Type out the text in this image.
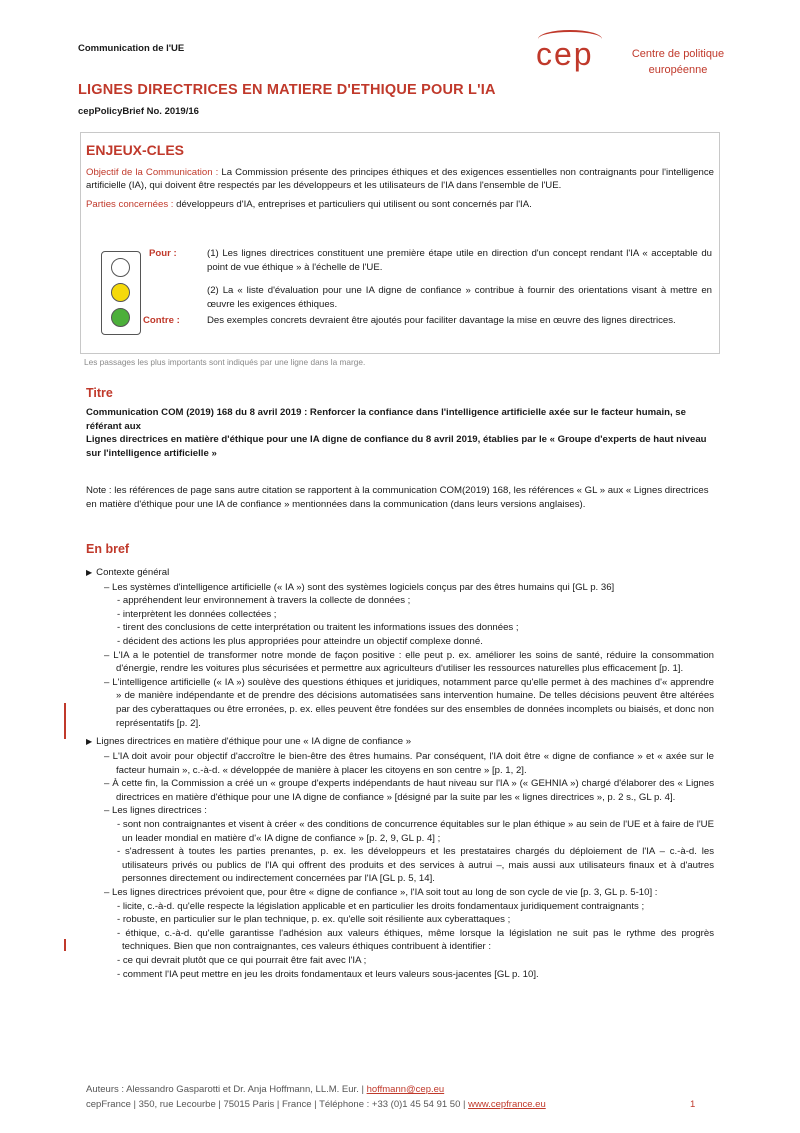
Communication de l'UE	cep	Centre de politique
européenne
LIGNES DIRECTRICES EN MATIERE D'ETHIQUE POUR L'IA
cepPolicyBrief No. 2019/16
ENJEUX-CLES

Objectif de la Communication : La Commission présente des principes éthiques et des exigences essentielles non contraignants pour l'intelligence artificielle (IA), qui doivent être respectés par les développeurs et les utilisateurs de l'IA dans l'ensemble de l'UE.

Parties concernées : développeurs d'IA, entreprises et particuliers qui utilisent ou sont concernés par l'IA.

Pour :	(1) Les lignes directrices constituent une première étape utile en direction d'un concept rendant l'IA « acceptable du point de vue éthique » à l'échelle de l'UE.
(2) La « liste d'évaluation pour une IA digne de confiance » contribue à fournir des orientations visant à mettre en œuvre les exigences éthiques.
Contre :	Des exemples concrets devraient être ajoutés pour faciliter davantage la mise en œuvre des lignes directrices.
Les passages les plus importants sont indiqués par une ligne dans la marge.
Titre

Communication COM (2019) 168 du 8 avril 2019 : Renforcer la confiance dans l'intelligence artificielle axée sur le facteur humain, se référant aux

Lignes directrices en matière d'éthique pour une IA digne de confiance du 8 avril 2019, établies par le « Groupe d'experts de haut niveau sur l'intelligence artificielle »

Note : les références de page sans autre citation se rapportent à la communication COM(2019) 168, les références « GL » aux « Lignes directrices en matière d'éthique pour une IA de confiance » mentionnées dans la communication (dans leurs versions anglaises).
En bref
▶ Contexte général
– Les systèmes d'intelligence artificielle (« IA ») sont des systèmes logiciels conçus par des êtres humains qui [GL p. 36]
- appréhendent leur environnement à travers la collecte de données ;
- interprètent les données collectées ;
- tirent des conclusions de cette interprétation ou traitent les informations issues des données ;
- décident des actions les plus appropriées pour atteindre un objectif complexe donné.
– L'IA a le potentiel de transformer notre monde de façon positive : elle peut p. ex. améliorer les soins de santé, réduire la consommation d'énergie, rendre les voitures plus sécurisées et permettre aux agriculteurs d'utiliser les ressources naturelles plus efficacement [p. 1].
– L'intelligence artificielle (« IA ») soulève des questions éthiques et juridiques, notamment parce qu'elle permet à des machines d'« apprendre » de manière indépendante et de prendre des décisions automatisées sans intervention humaine. De telles décisions peuvent être altérées par des cyberattaques ou être erronées, p. ex. elles peuvent être fondées sur des ensembles de données incomplets ou biaisés, et donc non représentatifs [p. 2].
▶ Lignes directrices en matière d'éthique pour une « IA digne de confiance »
– L'IA doit avoir pour objectif d'accroître le bien-être des êtres humains. Par conséquent, l'IA doit être « digne de confiance » et « axée sur le facteur humain », c.-à-d. « développée de manière à placer les citoyens en son centre » [p. 1, 2].
– À cette fin, la Commission a créé un « groupe d'experts indépendants de haut niveau sur l'IA » (« GEHNIA ») chargé d'élaborer des « Lignes directrices en matière d'éthique pour une IA digne de confiance » [désigné par la suite par les « lignes directrices », p. 2 s., GL p. 4].
– Les lignes directrices :
- sont non contraignantes et visent à créer « des conditions de concurrence équitables sur le plan éthique » au sein de l'UE et à faire de l'UE un leader mondial en matière d'« IA digne de confiance » [p. 2, 9, GL p. 4] ;
- s'adressent à toutes les parties prenantes, p. ex. les développeurs et les prestataires chargés du déploiement de l'IA – c.-à-d. les utilisateurs privés ou publics de l'IA qui offrent des produits et des services à autrui –, mais aussi aux utilisateurs finaux et à d'autres personnes directement ou indirectement concernées par l'IA [GL p. 5, 14].
– Les lignes directrices prévoient que, pour être « digne de confiance », l'IA soit tout au long de son cycle de vie [p. 3, GL p. 5-10] :
- licite, c.-à-d. qu'elle respecte la législation applicable et en particulier les droits fondamentaux juridiquement contraignants ;
- robuste, en particulier sur le plan technique, p. ex. qu'elle soit résiliente aux cyberattaques ;
- éthique, c.-à-d. qu'elle garantisse l'adhésion aux valeurs éthiques, même lorsque la législation ne suit pas le rythme des progrès techniques. Bien que non contraignantes, ces valeurs éthiques contribuent à identifier :
- ce qui devrait plutôt que ce qui pourrait être fait avec l'IA ;
- comment l'IA peut mettre en jeu les droits fondamentaux et leurs valeurs sous-jacentes [GL p. 10].
Auteurs : Alessandro Gasparotti et Dr. Anja Hoffmann, LL.M. Eur. | hoffmann@cep.eu
cepFrance | 350, rue Lecourbe | 75015 Paris | France | Téléphone : +33 (0)1 45 54 91 50 | www.cepfrance.eu	1
